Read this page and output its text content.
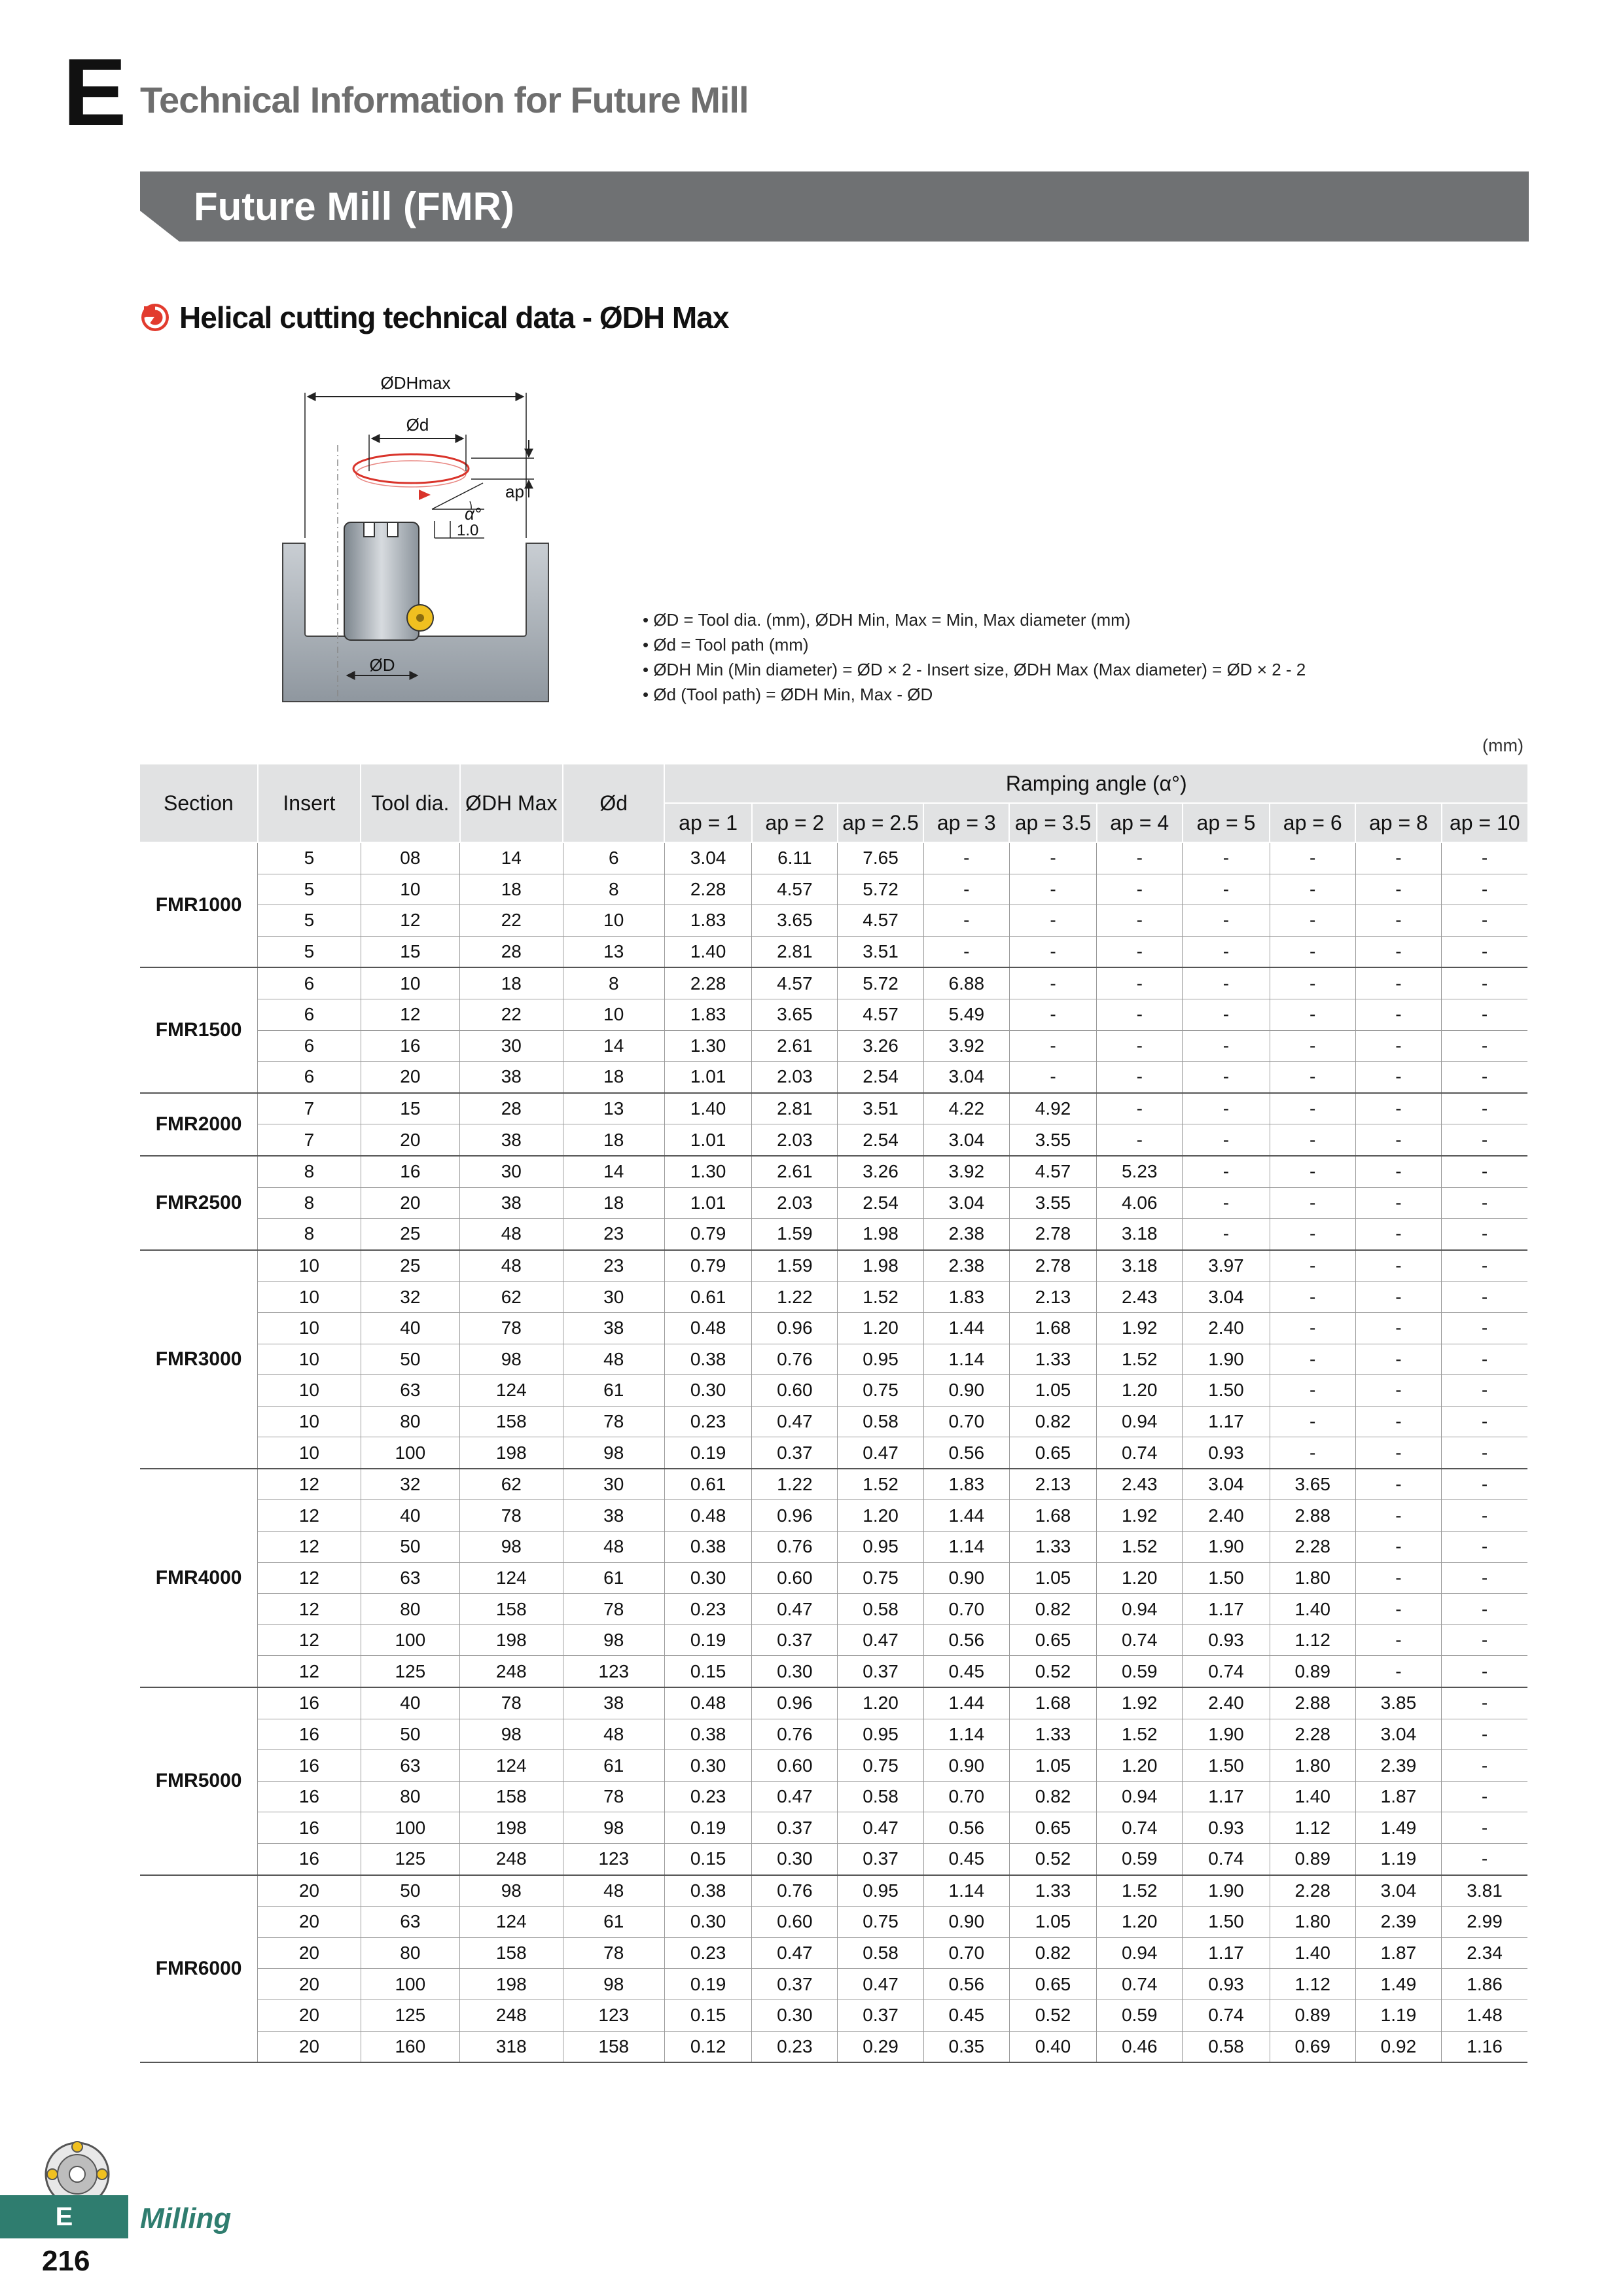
E Technical Information for Future Mill
Future Mill (FMR)
Helical cutting technical data - ØDH Max
ØDHmax
Ød
ap
α°
1.0
ØD
• ØD = Tool dia. (mm), ØDH Min, Max = Min, Max diameter (mm)
• Ød = Tool path (mm)
• ØDH Min (Min diameter) = ØD × 2 - Insert size, ØDH Max (Max diameter) = ØD × 2 - 2
• Ød (Tool path) = ØDH Min, Max - ØD
(mm)
Section	Insert	Tool dia.	ØDH Max	Ød	Ramping angle (α°)									
					ap = 1	ap = 2	ap = 2.5	ap = 3	ap = 3.5	ap = 4	ap = 5	ap = 6	ap = 8	ap = 10
FMR1000	5	08	14	6	3.04	6.11	7.65	-	-	-	-	-	-	-
	5	10	18	8	2.28	4.57	5.72	-	-	-	-	-	-	-
	5	12	22	10	1.83	3.65	4.57	-	-	-	-	-	-	-
	5	15	28	13	1.40	2.81	3.51	-	-	-	-	-	-	-
FMR1500	6	10	18	8	2.28	4.57	5.72	6.88	-	-	-	-	-	-
	6	12	22	10	1.83	3.65	4.57	5.49	-	-	-	-	-	-
	6	16	30	14	1.30	2.61	3.26	3.92	-	-	-	-	-	-
	6	20	38	18	1.01	2.03	2.54	3.04	-	-	-	-	-	-
FMR2000	7	15	28	13	1.40	2.81	3.51	4.22	4.92	-	-	-	-	-
	7	20	38	18	1.01	2.03	2.54	3.04	3.55	-	-	-	-	-
FMR2500	8	16	30	14	1.30	2.61	3.26	3.92	4.57	5.23	-	-	-	-
	8	20	38	18	1.01	2.03	2.54	3.04	3.55	4.06	-	-	-	-
	8	25	48	23	0.79	1.59	1.98	2.38	2.78	3.18	-	-	-	-
FMR3000	10	25	48	23	0.79	1.59	1.98	2.38	2.78	3.18	3.97	-	-	-
	10	32	62	30	0.61	1.22	1.52	1.83	2.13	2.43	3.04	-	-	-
	10	40	78	38	0.48	0.96	1.20	1.44	1.68	1.92	2.40	-	-	-
	10	50	98	48	0.38	0.76	0.95	1.14	1.33	1.52	1.90	-	-	-
	10	63	124	61	0.30	0.60	0.75	0.90	1.05	1.20	1.50	-	-	-
	10	80	158	78	0.23	0.47	0.58	0.70	0.82	0.94	1.17	-	-	-
	10	100	198	98	0.19	0.37	0.47	0.56	0.65	0.74	0.93	-	-	-
FMR4000	12	32	62	30	0.61	1.22	1.52	1.83	2.13	2.43	3.04	3.65	-	-
	12	40	78	38	0.48	0.96	1.20	1.44	1.68	1.92	2.40	2.88	-	-
	12	50	98	48	0.38	0.76	0.95	1.14	1.33	1.52	1.90	2.28	-	-
	12	63	124	61	0.30	0.60	0.75	0.90	1.05	1.20	1.50	1.80	-	-
	12	80	158	78	0.23	0.47	0.58	0.70	0.82	0.94	1.17	1.40	-	-
	12	100	198	98	0.19	0.37	0.47	0.56	0.65	0.74	0.93	1.12	-	-
	12	125	248	123	0.15	0.30	0.37	0.45	0.52	0.59	0.74	0.89	-	-
FMR5000	16	40	78	38	0.48	0.96	1.20	1.44	1.68	1.92	2.40	2.88	3.85	-
	16	50	98	48	0.38	0.76	0.95	1.14	1.33	1.52	1.90	2.28	3.04	-
	16	63	124	61	0.30	0.60	0.75	0.90	1.05	1.20	1.50	1.80	2.39	-
	16	80	158	78	0.23	0.47	0.58	0.70	0.82	0.94	1.17	1.40	1.87	-
	16	100	198	98	0.19	0.37	0.47	0.56	0.65	0.74	0.93	1.12	1.49	-
	16	125	248	123	0.15	0.30	0.37	0.45	0.52	0.59	0.74	0.89	1.19	-
FMR6000	20	50	98	48	0.38	0.76	0.95	1.14	1.33	1.52	1.90	2.28	3.04	3.81
	20	63	124	61	0.30	0.60	0.75	0.90	1.05	1.20	1.50	1.80	2.39	2.99
	20	80	158	78	0.23	0.47	0.58	0.70	0.82	0.94	1.17	1.40	1.87	2.34
	20	100	198	98	0.19	0.37	0.47	0.56	0.65	0.74	0.93	1.12	1.49	1.86
	20	125	248	123	0.15	0.30	0.37	0.45	0.52	0.59	0.74	0.89	1.19	1.48
	20	160	318	158	0.12	0.23	0.29	0.35	0.40	0.46	0.58	0.69	0.92	1.16
E	Milling
216
